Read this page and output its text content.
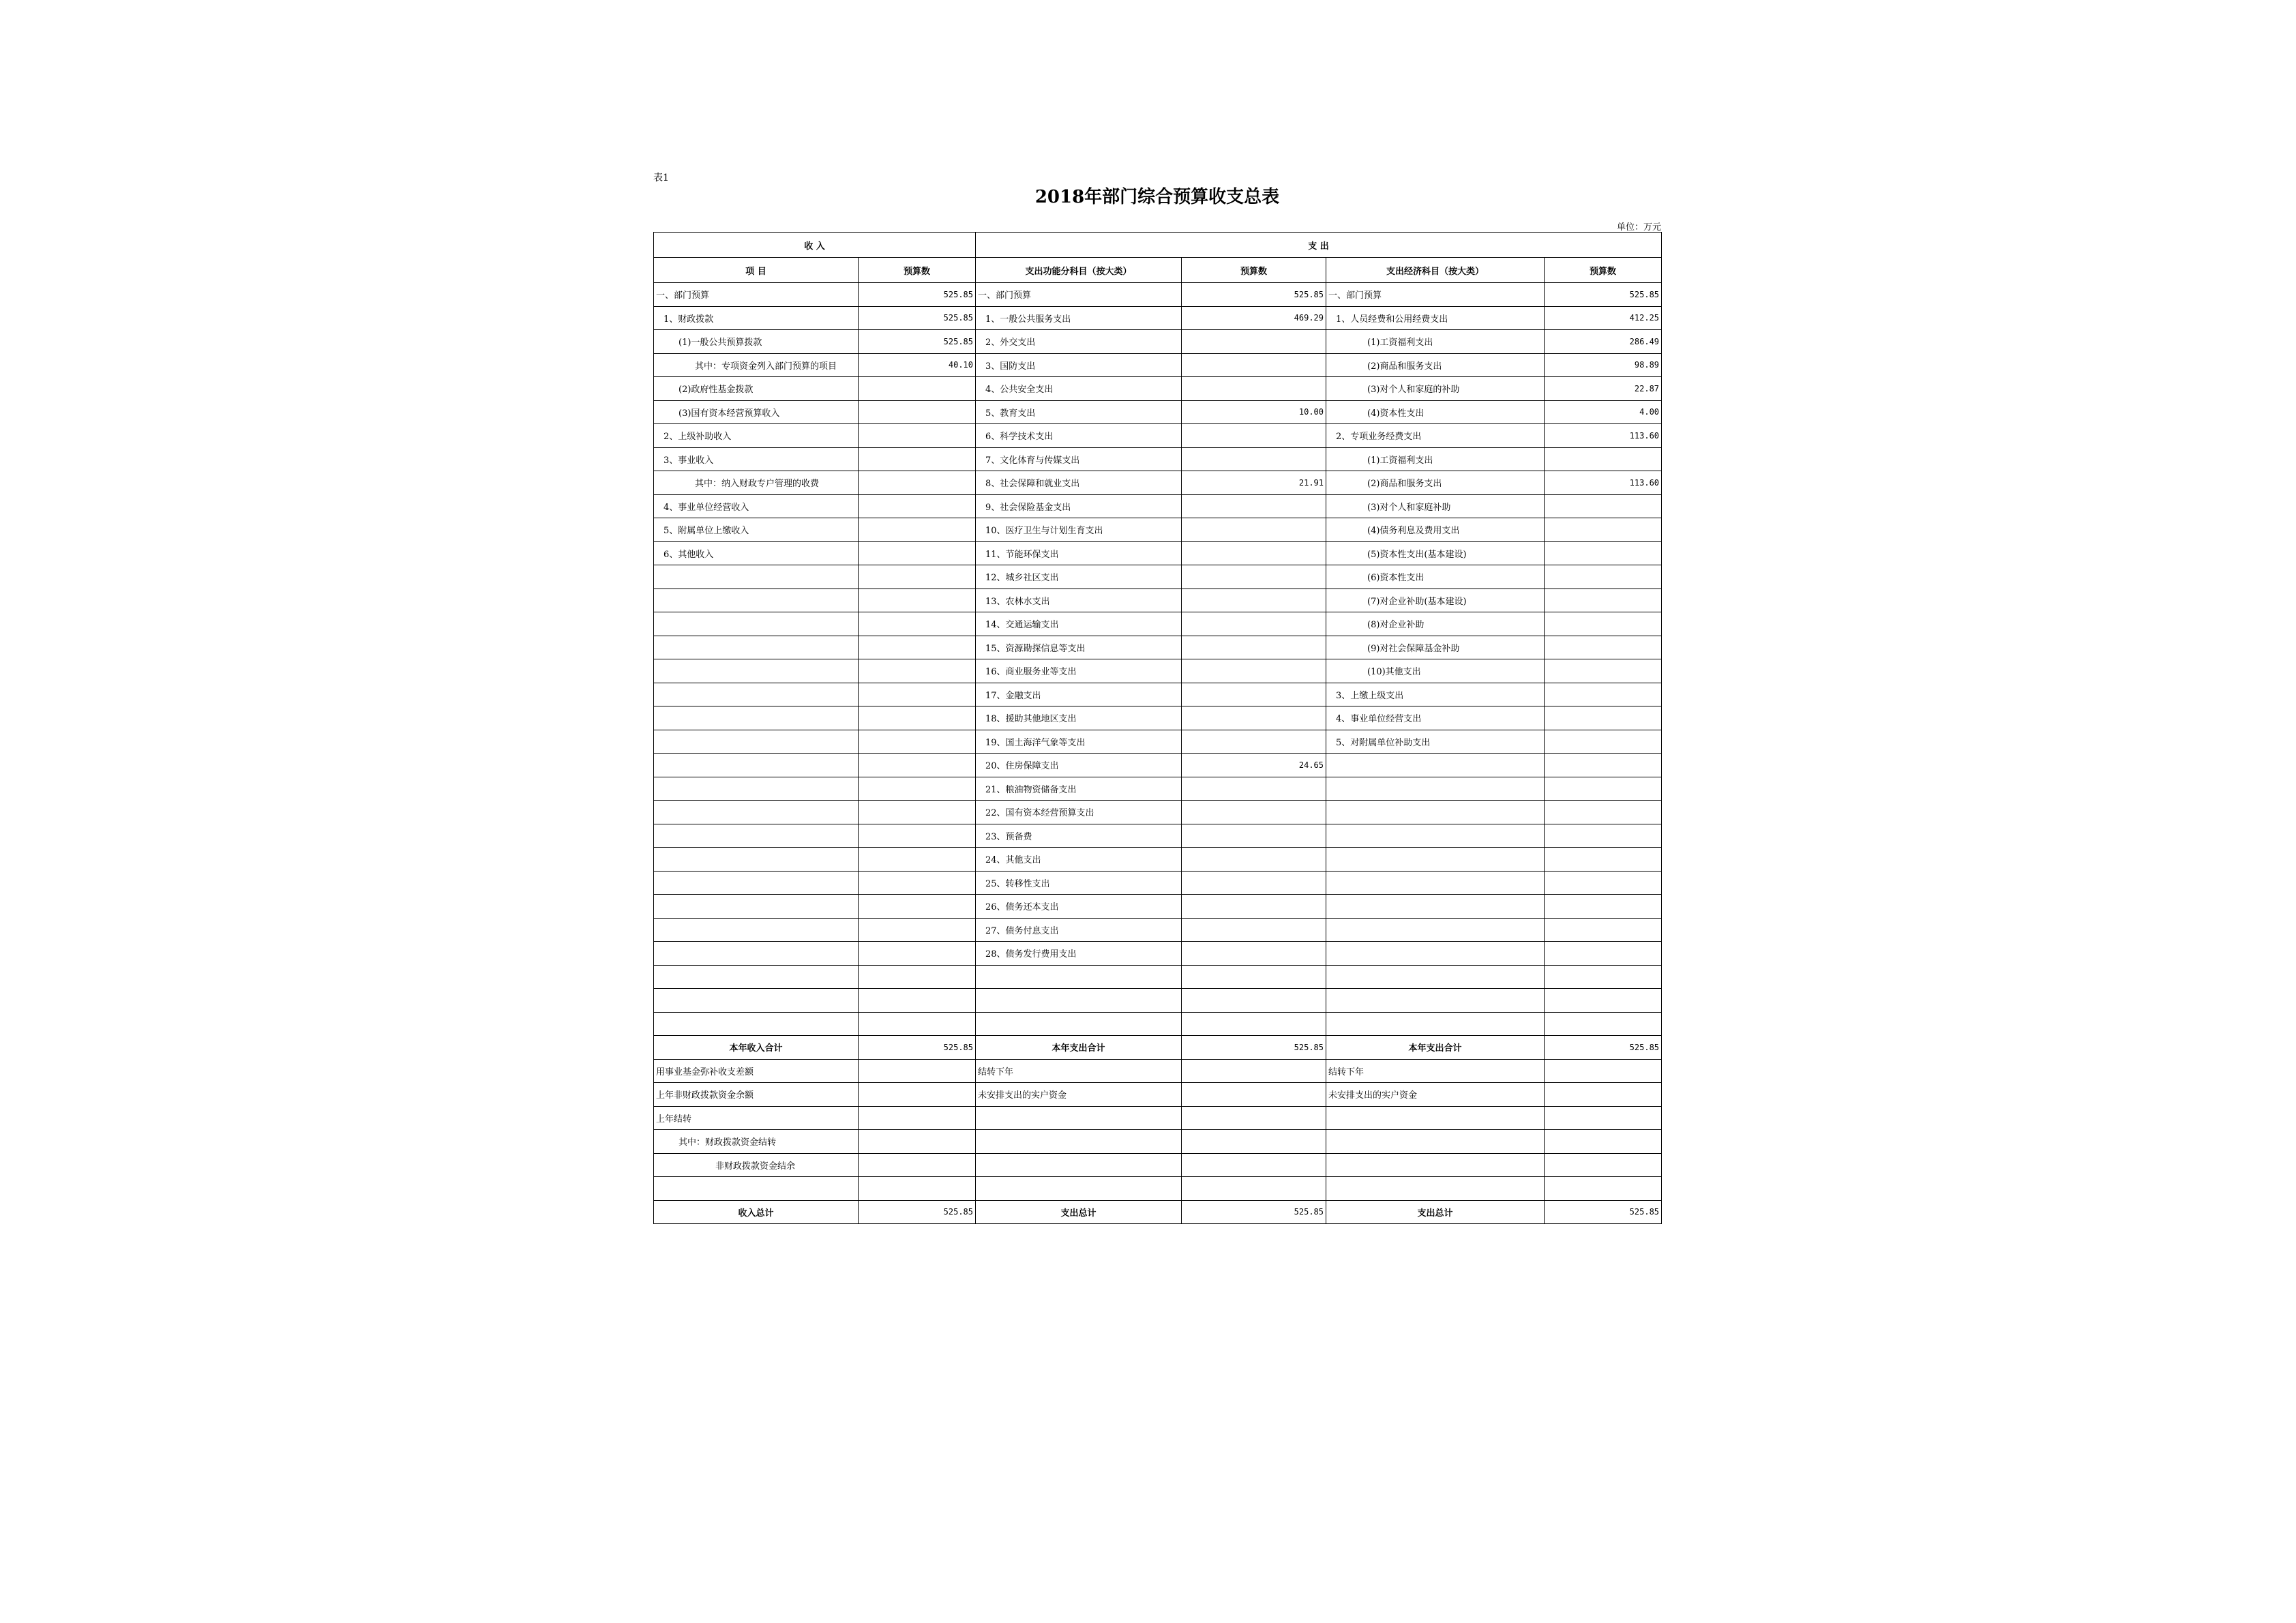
表1
2018年部门综合预算收支总表
单位：万元
收 入		支 出			
项 目	预算数	支出功能分科目（按大类）	预算数	支出经济科目（按大类）	预算数
一、部门预算	525.85	一、部门预算	525.85	一、部门预算	525.85
1、财政拨款	525.85	1、一般公共服务支出	469.29	1、人员经费和公用经费支出	412.25
(1)一般公共预算拨款	525.85	2、外交支出		(1)工资福利支出	286.49
其中：专项资金列入部门预算的项目	40.10	3、国防支出		(2)商品和服务支出	98.89
(2)政府性基金拨款		4、公共安全支出		(3)对个人和家庭的补助	22.87
(3)国有资本经营预算收入		5、教育支出	10.00	(4)资本性支出	4.00
2、上级补助收入		6、科学技术支出		2、专项业务经费支出	113.60
3、事业收入		7、文化体育与传媒支出		(1)工资福利支出	
其中：纳入财政专户管理的收费		8、社会保障和就业支出	21.91	(2)商品和服务支出	113.60
4、事业单位经营收入		9、社会保险基金支出		(3)对个人和家庭补助	
5、附属单位上缴收入		10、医疗卫生与计划生育支出		(4)债务利息及费用支出	
6、其他收入		11、节能环保支出		(5)资本性支出(基本建设)	
		12、城乡社区支出		(6)资本性支出	
		13、农林水支出		(7)对企业补助(基本建设)	
		14、交通运输支出		(8)对企业补助	
		15、资源勘探信息等支出		(9)对社会保障基金补助	
		16、商业服务业等支出		(10)其他支出	
		17、金融支出		3、上缴上级支出	
		18、援助其他地区支出		4、事业单位经营支出	
		19、国土海洋气象等支出		5、对附属单位补助支出	
		20、住房保障支出	24.65		
		21、粮油物资储备支出			
		22、国有资本经营预算支出			
		23、预备费			
		24、其他支出			
		25、转移性支出			
		26、债务还本支出			
		27、债务付息支出			
		28、债务发行费用支出			

本年收入合计	525.85	本年支出合计	525.85	本年支出合计	525.85
用事业基金弥补收支差额		结转下年		结转下年	
上年非财政拨款资金余额		未安排支出的实户资金		未安排支出的实户资金	
上年结转					
其中：财政拨款资金结转					
非财政拨款资金结余					

收入总计	525.85	支出总计	525.85	支出总计	525.85
